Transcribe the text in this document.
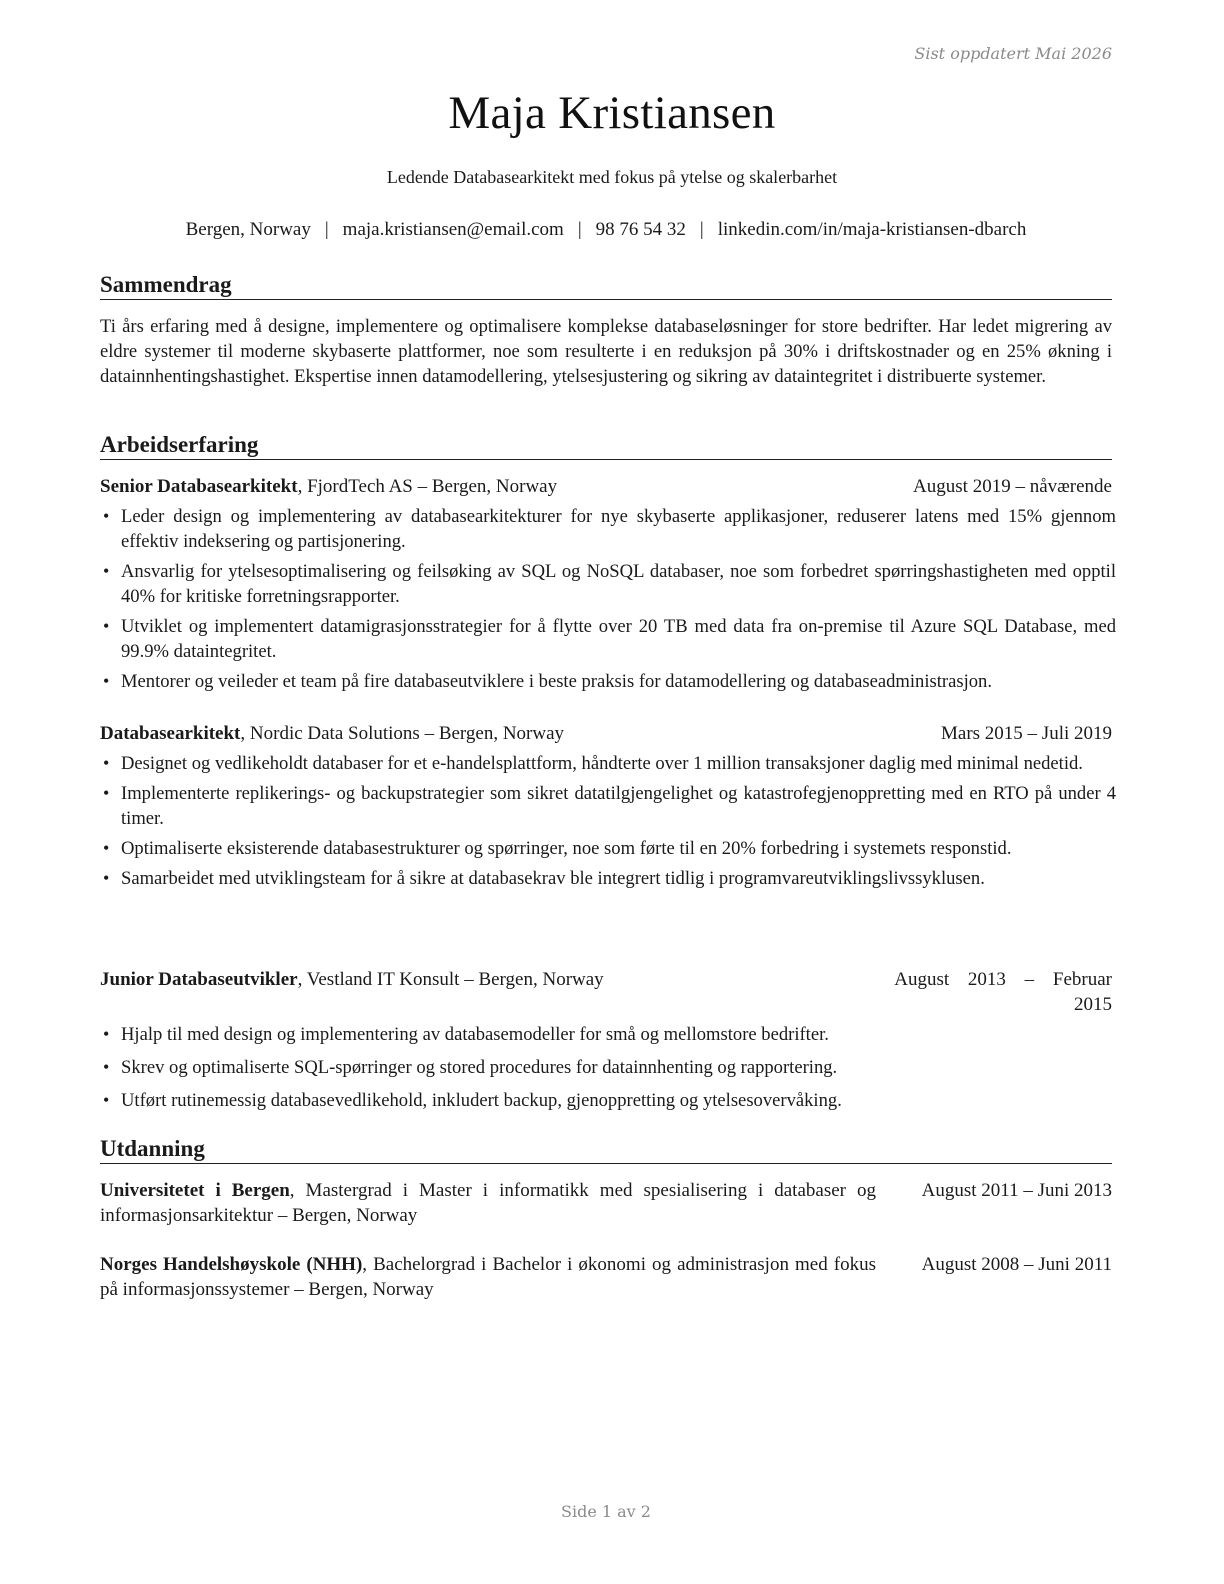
Sist oppdatert Mai 2026
Maja Kristiansen
Ledende Databasearkitekt med fokus på ytelse og skalerbarhet
Bergen, Norway | maja.kristiansen@email.com | 98 76 54 32 | linkedin.com/in/maja-kristiansen-dbarch
Sammendrag
Ti års erfaring med å designe, implementere og optimalisere komplekse databaseløsninger for store bedrifter. Har ledet migrering av eldre systemer til moderne skybaserte plattformer, noe som resulterte i en reduksjon på 30% i driftskostnader og en 25% økning i datainnhentingshastighet. Ekspertise innen datamodellering, ytelsesjustering og sikring av dataintegritet i distribuerte systemer.
Arbeidserfaring
Senior Databasearkitekt, FjordTech AS – Bergen, Norway	August 2019 – nåværende
• Leder design og implementering av databasearkitekturer for nye skybaserte applikasjoner, reduserer latens med 15% gjennom effektiv indeksering og partisjonering.
• Ansvarlig for ytelsesoptimalisering og feilsøking av SQL og NoSQL databaser, noe som forbedret spørringshastigheten med opptil 40% for kritiske forretningsrapporter.
• Utviklet og implementert datamigrasjonsstrategier for å flytte over 20 TB med data fra on-premise til Azure SQL Database, med 99.9% dataintegritet.
• Mentorer og veileder et team på fire databaseutviklere i beste praksis for datamodellering og databaseadministrasjon.
Databasearkitekt, Nordic Data Solutions – Bergen, Norway	Mars 2015 – Juli 2019
• Designet og vedlikeholdt databaser for et e-handelsplattform, håndterte over 1 million transaksjoner daglig med minimal nedetid.
• Implementerte replikerings- og backupstrategier som sikret datatilgjengelighet og katastrofegjenoppretting med en RTO på under 4 timer.
• Optimaliserte eksisterende databasestrukturer og spørringer, noe som førte til en 20% forbedring i systemets responstid.
• Samarbeidet med utviklingsteam for å sikre at databasekrav ble integrert tidlig i programvareutviklingslivssyklusen.
Junior Databaseutvikler, Vestland IT Konsult – Bergen, Norway	August 2013 – Februar
2015
• Hjalp til med design og implementering av databasemodeller for små og mellomstore bedrifter.
• Skrev og optimaliserte SQL-spørringer og stored procedures for datainnhenting og rapportering.
• Utført rutinemessig databasevedlikehold, inkludert backup, gjenoppretting og ytelsesovervåking.
Utdanning
Universitetet i Bergen, Mastergrad i Master i informatikk med spesialisering i databaser og informasjonsarkitektur – Bergen, Norway
August 2011 – Juni 2013
Norges Handelshøyskole (NHH), Bachelorgrad i Bachelor i økonomi og administrasjon med fokus på informasjonssystemer – Bergen, Norway
August 2008 – Juni 2011
Side 1 av 2
